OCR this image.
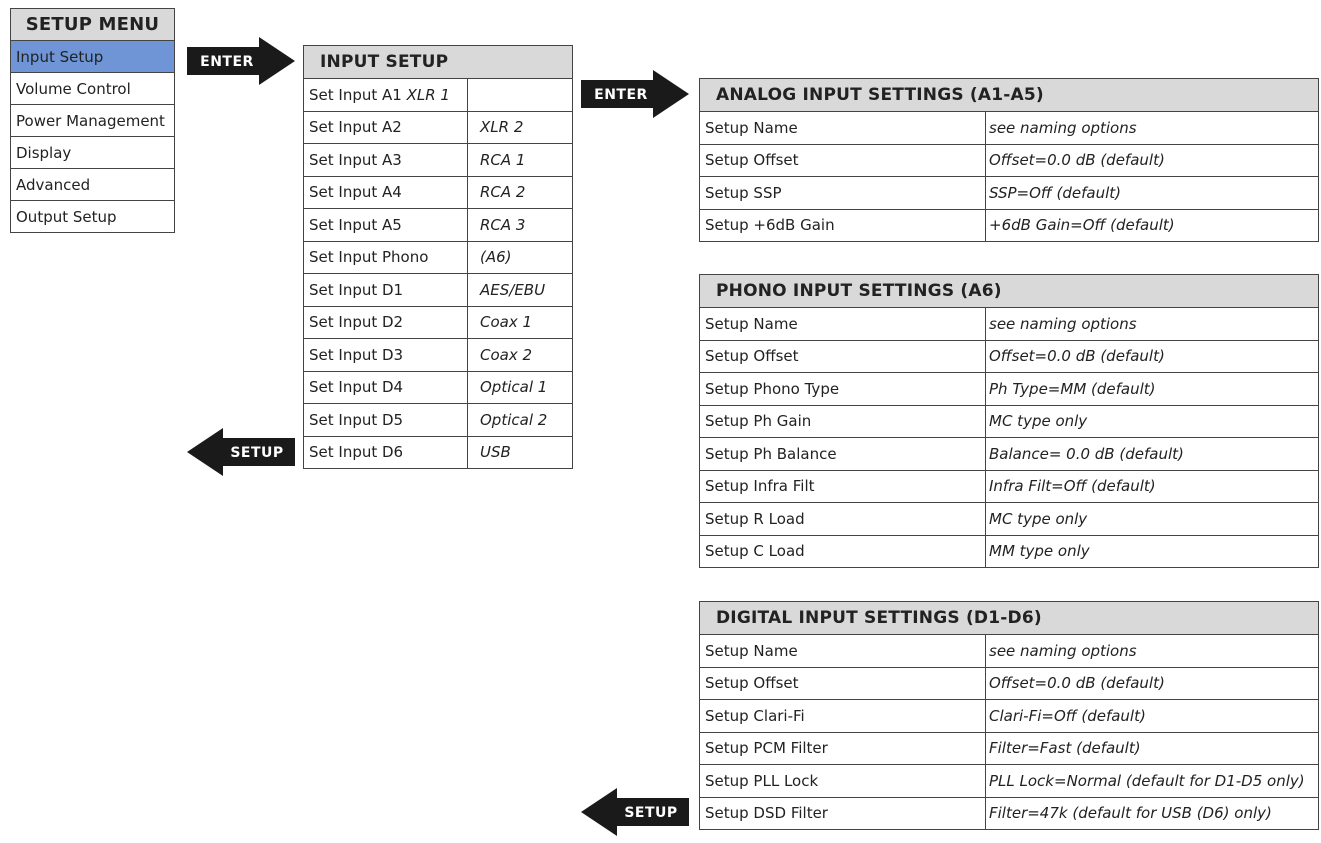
SETUP MENU
Input Setup
Volume Control
Power Management
Display
Advanced
Output Setup
ENTER
SETUP
INPUT SETUP	
Set Input A1 XLR 1	
Set Input A2	XLR 2
Set Input A3	RCA 1
Set Input A4	RCA 2
Set Input A5	RCA 3
Set Input Phono	(A6)
Set Input D1	AES/EBU
Set Input D2	Coax 1
Set Input D3	Coax 2
Set Input D4	Optical 1
Set Input D5	Optical 2
Set Input D6	USB
ENTER
SETUP
ANALOG INPUT SETTINGS (A1-A5)	
Setup Name	see naming options
Setup Offset	Offset=0.0 dB (default)
Setup SSP	SSP=Off (default)
Setup +6dB Gain	+6dB Gain=Off (default)
PHONO INPUT SETTINGS (A6)	
Setup Name	see naming options
Setup Offset	Offset=0.0 dB (default)
Setup Phono Type	Ph Type=MM (default)
Setup Ph Gain	MC type only
Setup Ph Balance	Balance= 0.0 dB (default)
Setup Infra Filt	Infra Filt=Off (default)
Setup R Load	MC type only
Setup C Load	MM type only
DIGITAL INPUT SETTINGS (D1-D6)	
Setup Name	see naming options
Setup Offset	Offset=0.0 dB (default)
Setup Clari-Fi	Clari-Fi=Off (default)
Setup PCM Filter	Filter=Fast (default)
Setup PLL Lock	PLL Lock=Normal (default for D1-D5 only)
Setup DSD Filter	Filter=47k (default for USB (D6) only)
